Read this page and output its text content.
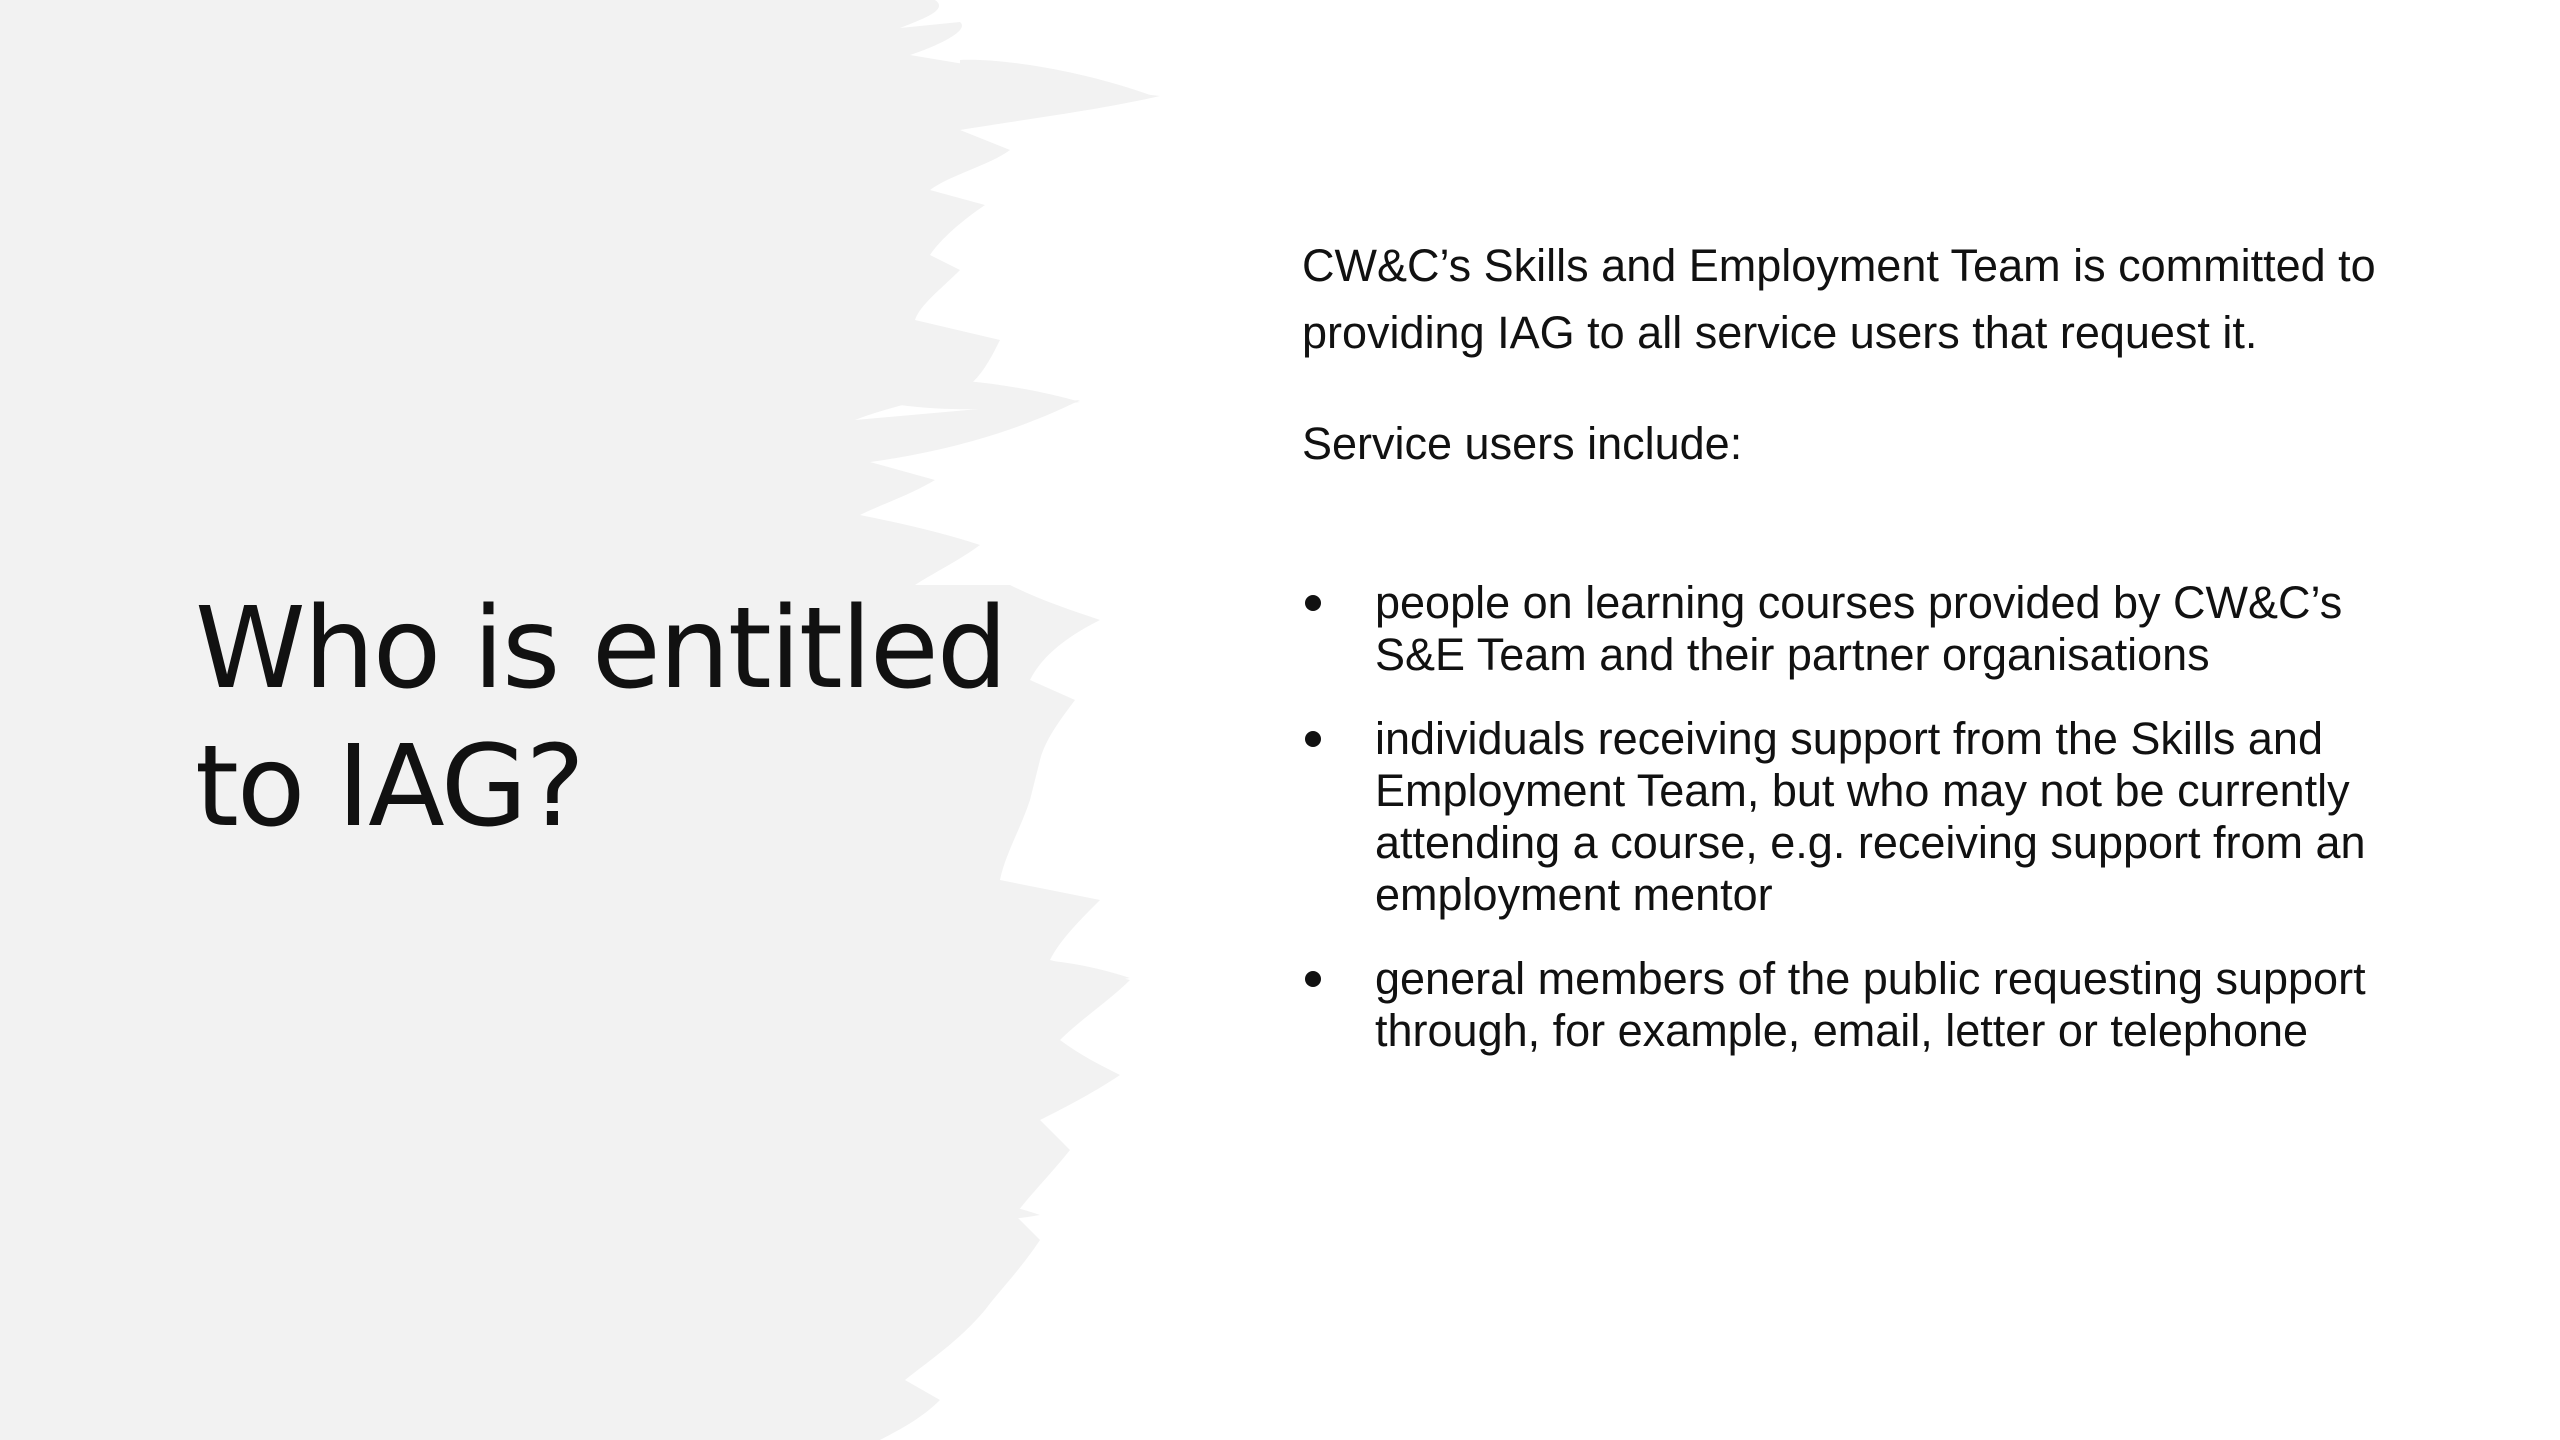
Who is entitled to IAG?

CW&C’s Skills and Employment Team is committed to providing IAG to all service users that request it.

Service users include:

people on learning courses provided by CW&C’s S&E Team and their partner organisations
individuals receiving support from the Skills and Employment Team, but who may not be currently attending a course, e.g. receiving support from an employment mentor
general members of the public requesting support through, for example, email, letter or telephone
